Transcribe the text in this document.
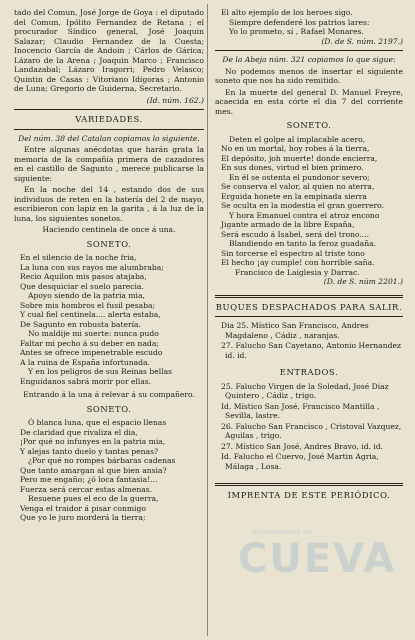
tado del Comun, José Jorge de Goya : el diputado del Comun, Ipólito Fernandez de Retana ; el procurador Síndico general, José Joaquin Salazar; Claudio Fernandez de la Cuesta; Inocencio García de Andoin ; Cárlos de Gárica; Lázaro de la Arena ; Joaquin Marco ; Francisco Landazabal; Lázaro Iragorri; Pedro Velasco; Quintin de Casas : Vitoriano Idígoras ; Antonio de Luna; Gregorio de Guiderna, Secretario.

(Id. núm. 162.)

VARIEDADES.

Del núm. 38 del Catalan copiamos lo siguiente.

Entre algunas anécdotas que harán grata la memoria de la compañía primera de cazadores en el castillo de Sagunto , merece publicarse la siguiente:

En la noche del 14 , estando dos de sus individuos de reten en la batería del 2 de mayo, escribieron con lapiz en la garita , á la luz de la luna, los siguientes sonetos.

Haciendo centinela de once á una.

SONETO.

En el silencio de la noche fria,

La luna con sus rayos me alumbraba;

Recio Aquilon mis pasos atajaba,

Que desquiciar el suelo parecia.

Apoyo siendo de la patria mia,

Sobre mis hombros el fusil pesaba;

Y cual fiel centinela.... alerta estaba,

De Sagunto en robusta batería.

No maldije mi suerte: nunca pudo

Faltar mi pecho á su deber en nada;

Antes se ofrece impenetrable escudo

A la ruina de España infortunada.

Y en los peligros de sus Reinas bellas

Enguidanos sabrá morir por ellas.

Entrando á la una á relevar á su compañero.

SONETO.

Ó blanca luna, que el espacio llenas

De claridad que rivaliza el dia,

¡Por qué no infunyes en la patria mia,

Y alejas tanto duelo y tantas penas?

¿Por qué no rompes bárbaras cadenas

Que tanto amargan al que bien ansia?

Pero me engaño; ¿ó loca fantasia!...

Fuerza será cercar estas almenas.

Resuene pues el eco de la guerra,

Venga el traidor á pisar conmigo

Que yo le juro morderá la tierra;

El alto ejemplo de los heroes sigo.

Siempre defenderé los patrios lares:

Yo lo prometo, sí , Rafael Monares.

(D. de S. núm. 2197.)

De la Abeja núm. 321 copiamos lo que sigue:

No podemos menos de insertar el siguiente soneto que nos ha sido remitido.

En la muerte del general D. Manuel Freyre, acaecida en esta córte el dia 7 del corriente mes.

SONETO.

Deten el golpe al implacable acero,

No en un mortal, hoy robes á la tierra,

El depósito, joh muerte! donde encierra,

En sus dones, virtud el bien primero.

En él se ostenta el pundonor severo;

Se conserva el valor, al quien no aterra,

Erguida honete en la empinada sierra

Se oculta en la modestia el gran guerrero.

Y hora Emanuel contra el atroz encono

Jigante armado de la libre España,

Será escudo á Isabel, será del trono....

Blandiendo en tanto la feroz guadaña.

Sin torcerse el espectro al triste tono

El hecho ¡ay cumple! con horrible saña.

Francisco de Laiglesia y Darrac.

(D. de S. núm 2201.)

BUQUES DESPACHADOS PARA SALIR.

Dia 25. Místico San Francisco, Andres Magdaleno , Cádiz , naranjas.

27. Falucho San Cayetano, Antonio Hernandez id. id.

ENTRADOS.

25. Falucho Virgen de la Soledad, José Diaz Quintero , Cádiz , trigo.

Id. Místico San José, Francisco Mantilla , Sevilla, lastre.

26. Falucho San Francisco , Cristoval Vazquez, Aguilas , trigo.

27. Místico San José, Andres Bravo, id. id.

Id. Falucho el Cuervo, José Martin Agria, Málaga , Losa.

IMPRENTA DE ESTE PERIÓDICO.
Ayuntamiento de
CUEVA
